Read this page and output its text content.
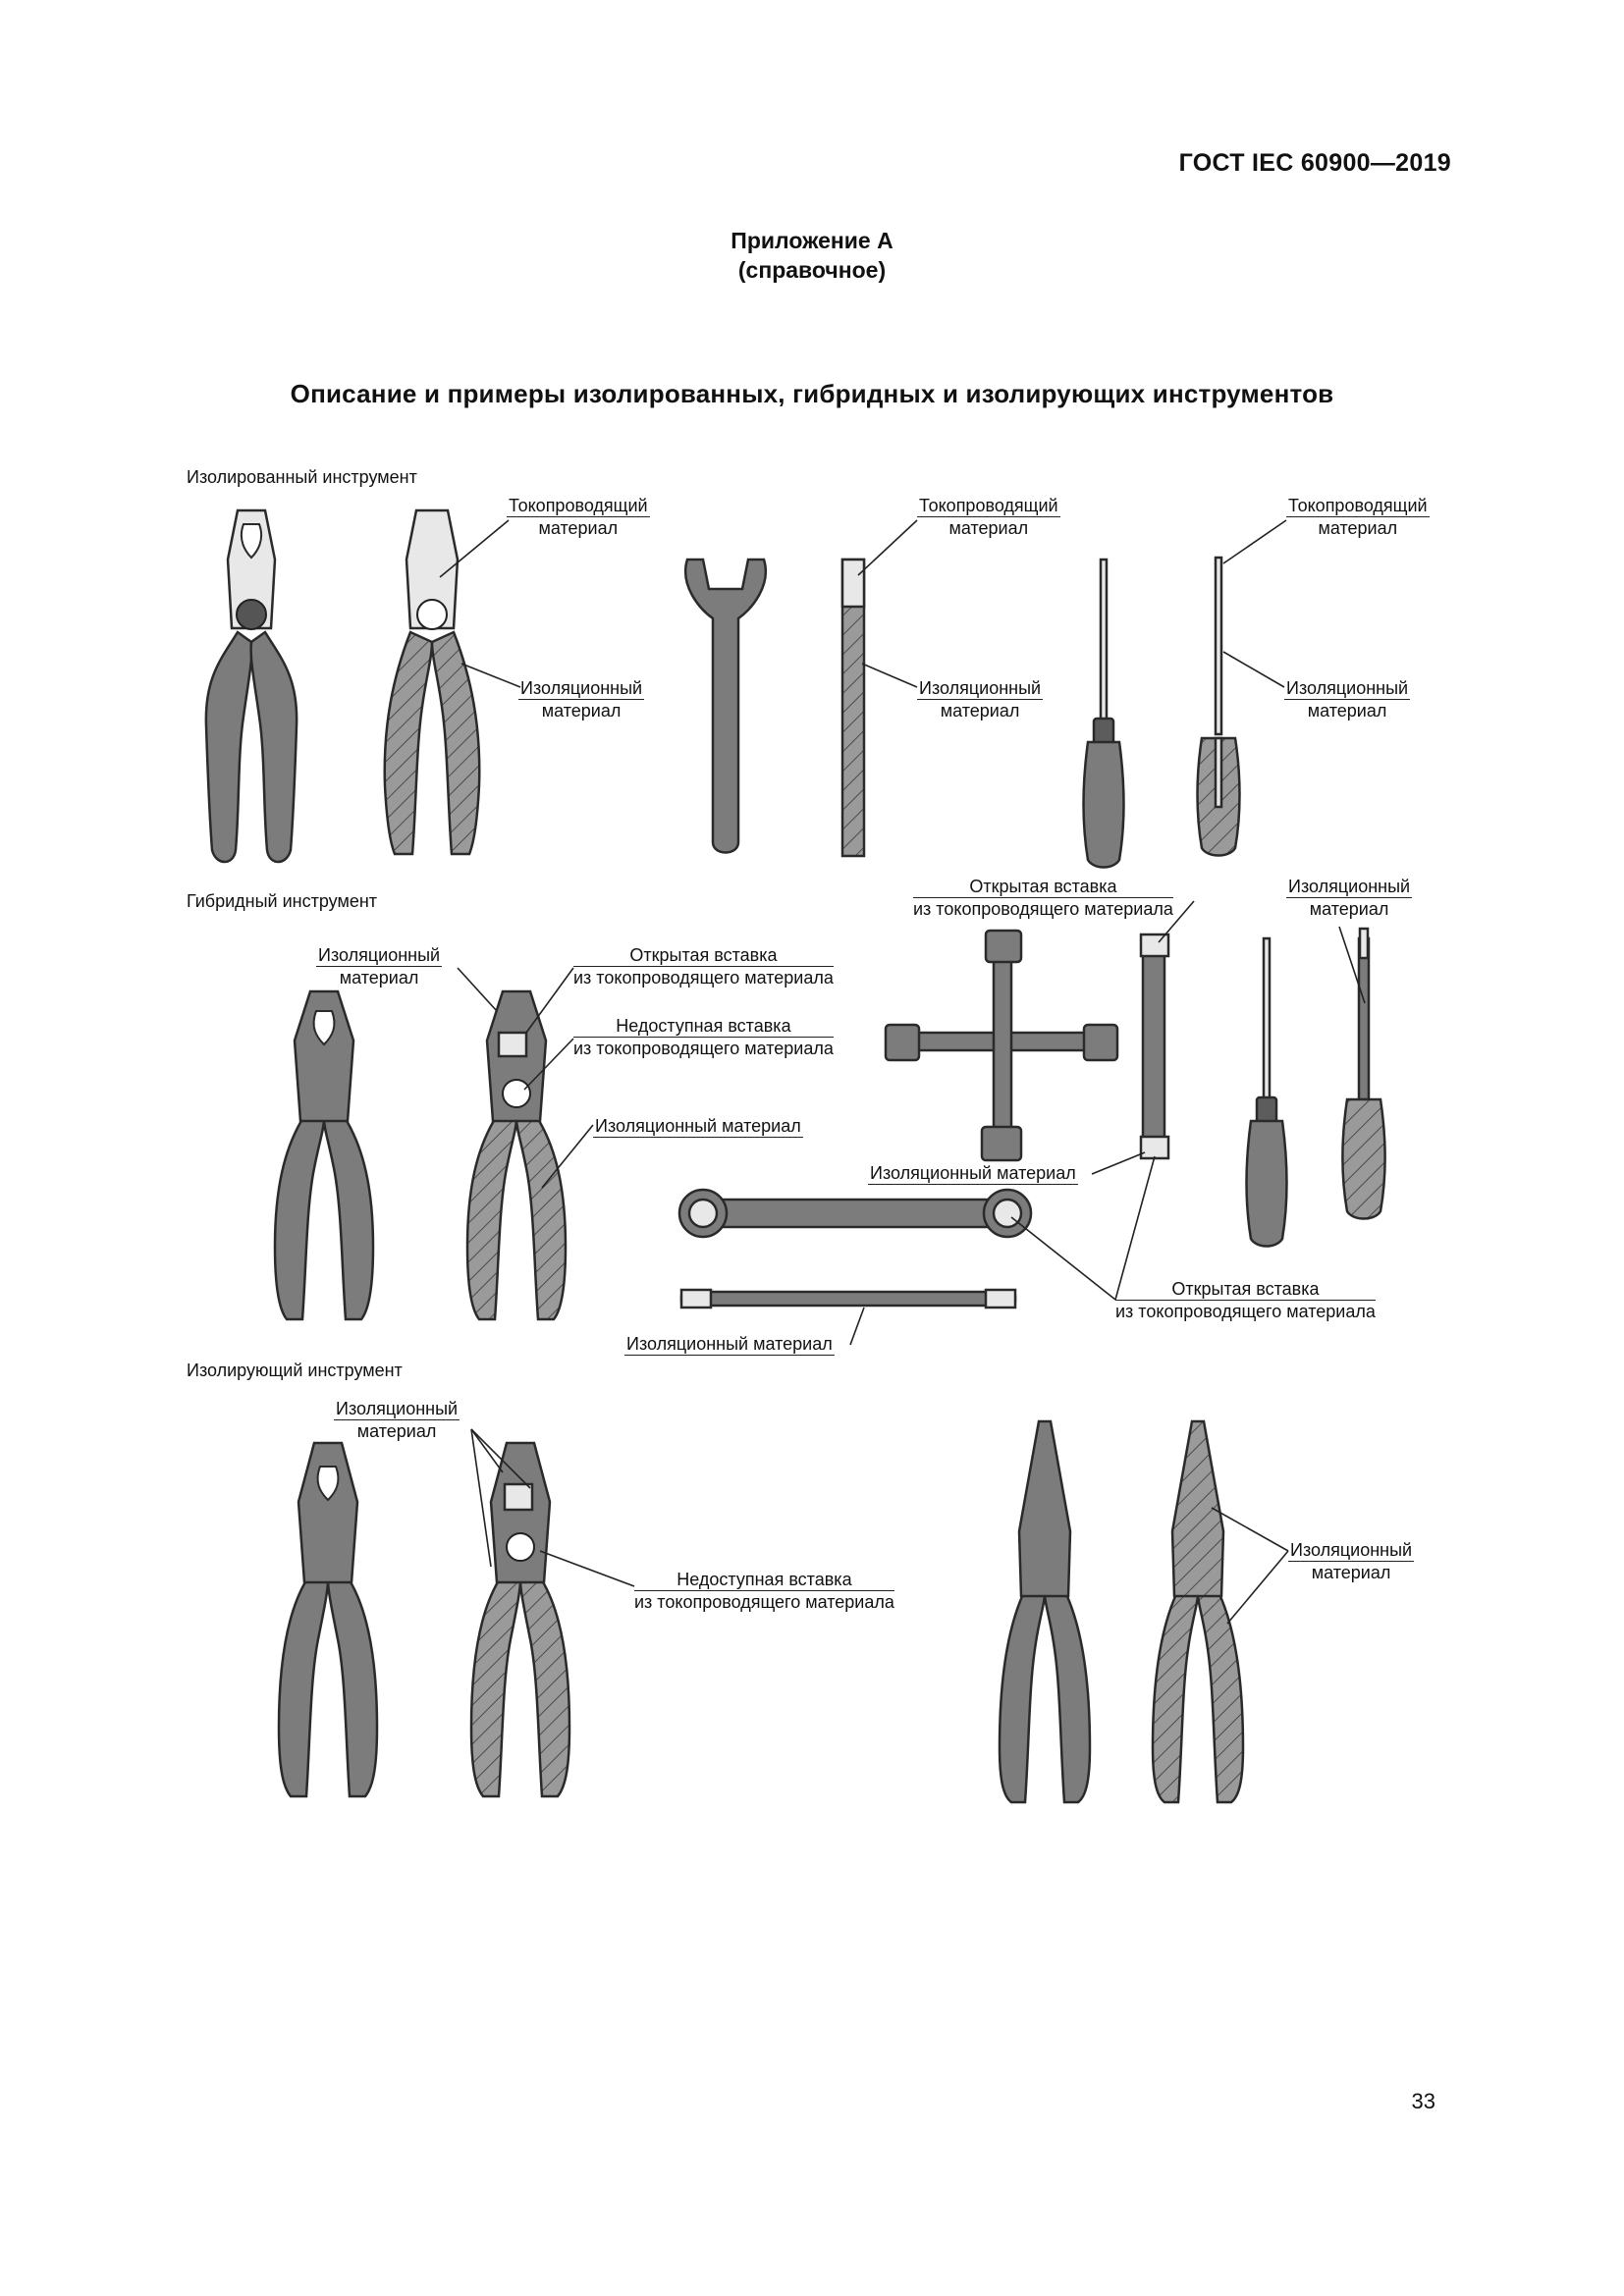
ГОСТ IEC 60900—2019
Приложение А
(справочное)
Описание и примеры изолированных, гибридных и изолирующих инструментов
Изолированный инструмент
Гибридный инструмент
Изолирующий инструмент
Токопроводящий
материал
Токопроводящий
материал
Токопроводящий
материал
Изоляционный
материал
Изоляционный
материал
Изоляционный
материал
Изоляционный
материал
Открытая вставка
из токопроводящего материала
Недоступная вставка
из токопроводящего материала
Изоляционный материал
Открытая вставка
из токопроводящего материала
Изоляционный
материал
Изоляционный материал
Открытая вставка
из токопроводящего материала
Изоляционный материал
Изоляционный
материал
Недоступная вставка
из токопроводящего материала
Изоляционный
материал
33
